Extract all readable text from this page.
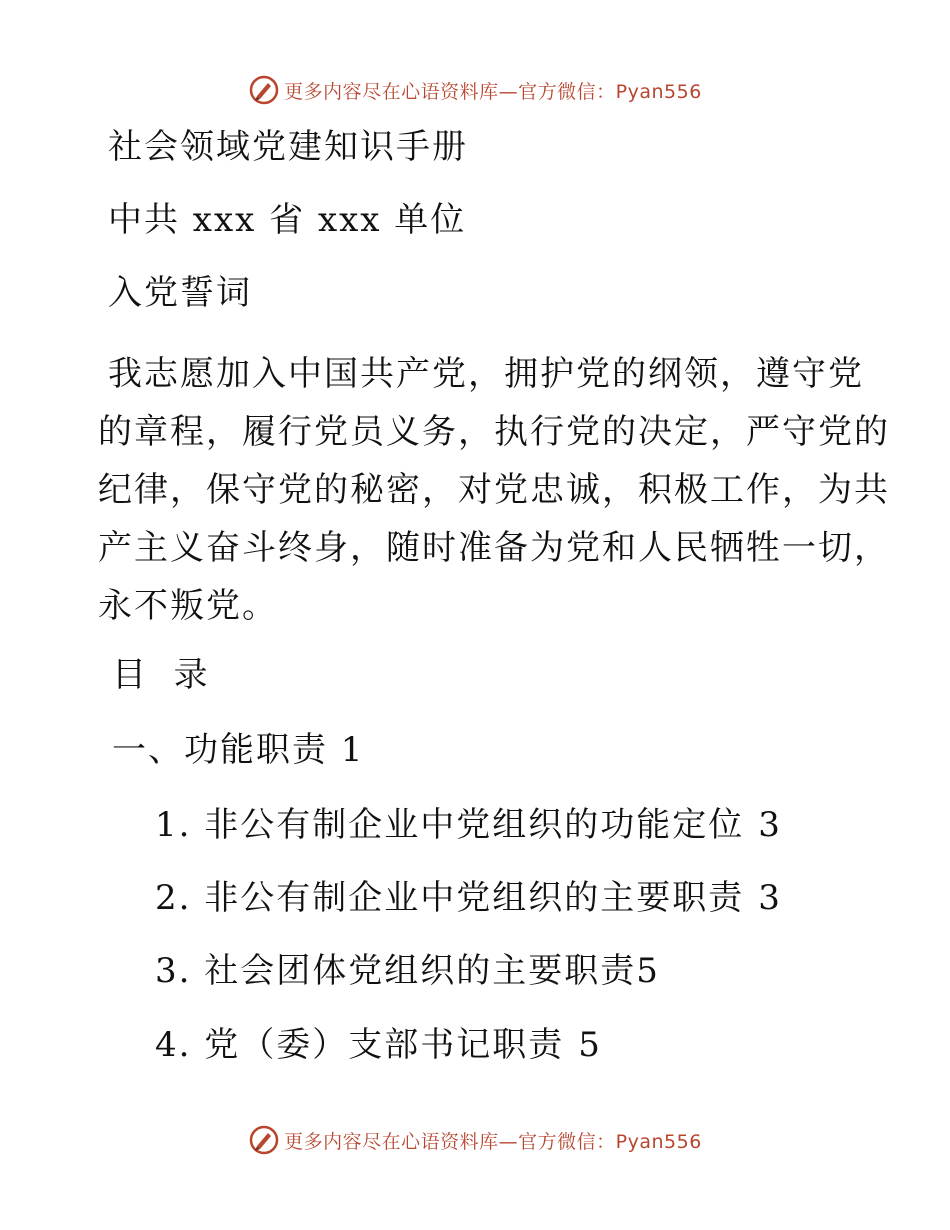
更多内容尽在心语资料库—官方微信：Pyan556
社会领域党建知识手册
中共 xxx 省 xxx 单位
入党誓词
我志愿加入中国共产党，拥护党的纲领，遵守党
的章程，履行党员义务，执行党的决定，严守党的
纪律，保守党的秘密，对党忠诚，积极工作，为共
产主义奋斗终身，随时准备为党和人民牺牲一切，
永不叛党。
目  录
一、功能职责 1
1. 非公有制企业中党组织的功能定位 3
2. 非公有制企业中党组织的主要职责 3
3. 社会团体党组织的主要职责5
4. 党（委）支部书记职责 5
更多内容尽在心语资料库—官方微信：Pyan556
